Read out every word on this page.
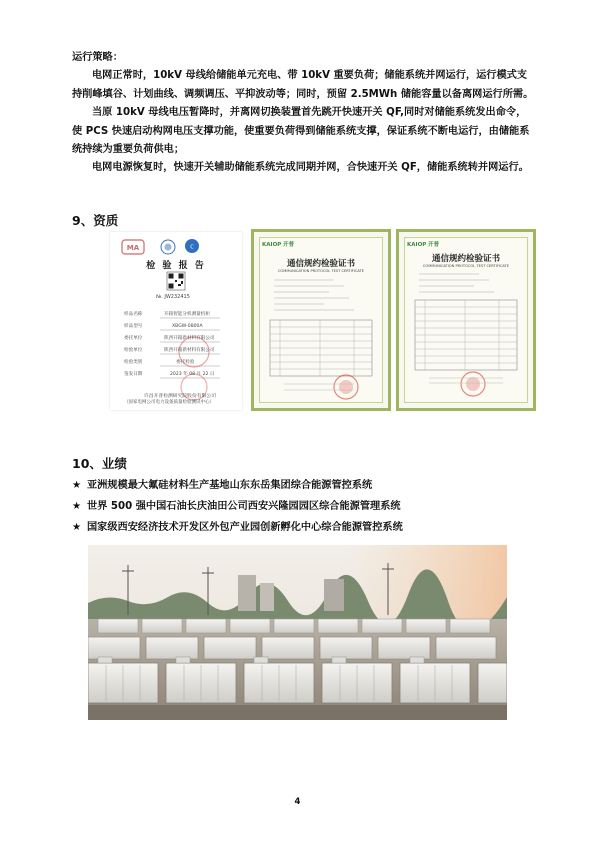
运行策略：
电网正常时，10kV 母线给储能单元充电、带 10kV 重要负荷；储能系统并网运行，运行模式支持削峰填谷、计划曲线、调频调压、平抑波动等；同时，预留 2.5MWh 储能容量以备离网运行所需。
当原 10kV 母线电压暂降时，并离网切换装置首先跳开快速开关 QF,同时对储能系统发出命令，使 PCS 快速启动构网电压支撑功能，使重要负荷得到储能系统支撑，保证系统不断电运行，由储能系统持续为重要负荷供电；
电网电源恢复时，快速开关辅助储能系统完成同期并网，合快速开关 QF，储能系统转并网运行。
9、资质
MA	C
检 验 报 告
№. JW232415
样品名称	开箱智能分机测量机柜
样品型号	XBGW-0800A
委托单位	陕西开箱新材料有限公司
检验单位	陕西开箱新材料有限公司
检验类别	委托检验
签发日期	2023 年 08 月 22 日
许昌开普检测研究院股份有限公司
（国家电网公司电力设备质量检验测试中心）
KAIOP 开普
通信规约检验证书
COMMUNICATION PROTOCOL TEST CERTIFICATE
KAIOP 开普
通信规约检验证书
COMMUNICATION PROTOCOL TEST CERTIFICATE
10、业绩
★ 亚洲规模最大氟硅材料生产基地山东东岳集团综合能源管控系统
★ 世界 500 强中国石油长庆油田公司西安兴隆园园区综合能源管理系统
★ 国家级西安经济技术开发区外包产业园创新孵化中心综合能源管控系统
4
